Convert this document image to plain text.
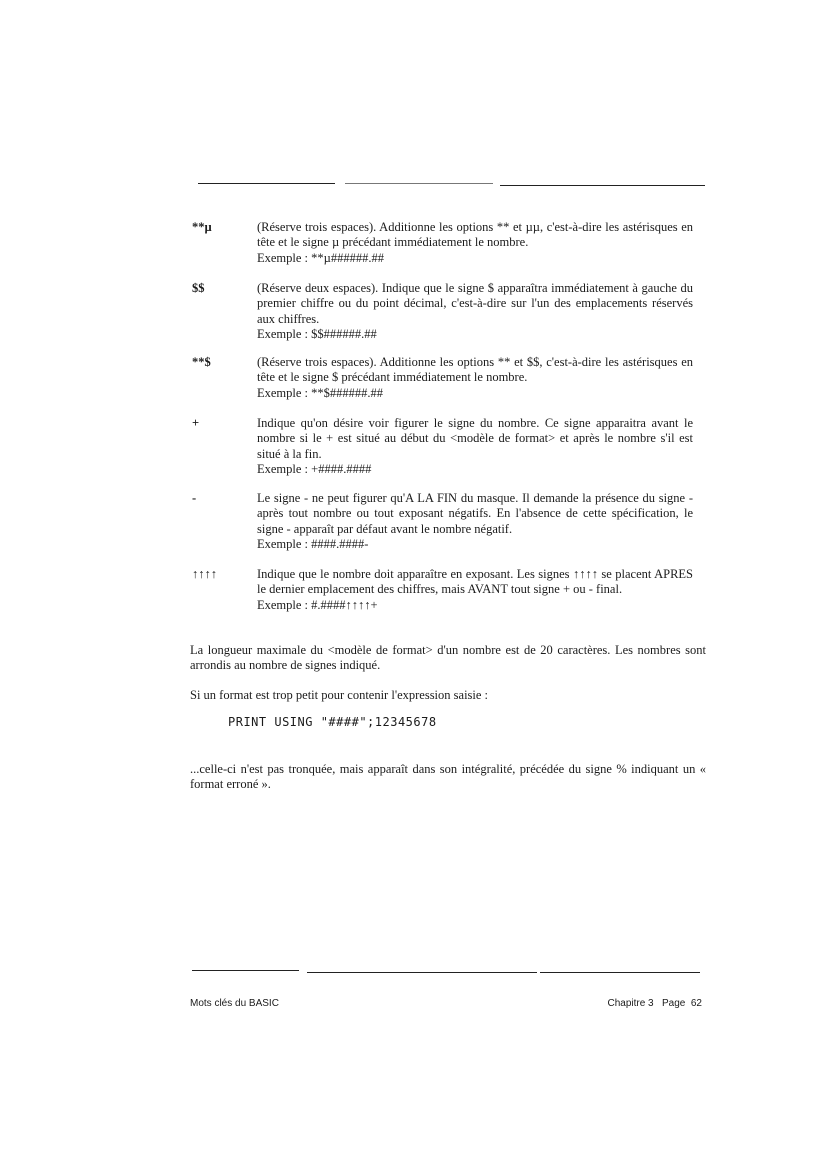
**µ	(Réserve trois espaces). Additionne les options ** et µµ, c'est-à-dire les astérisques en tête et le signe µ précédant immédiatement le nombre.

Exemple : **µ######.##

$$	(Réserve deux espaces). Indique que le signe $ apparaîtra immédiatement à gauche du premier chiffre ou du point décimal, c'est-à-dire sur l'un des emplacements réservés aux chiffres.

Exemple : $$######.##

**$	(Réserve trois espaces). Additionne les options ** et $$, c'est-à-dire les astérisques en tête et le signe $ précédant immédiatement le nombre.

Exemple : **$######.##

+	Indique qu'on désire voir figurer le signe du nombre. Ce signe apparaitra avant le nombre si le + est situé au début du <modèle de format> et après le nombre s'il est situé à la fin.

Exemple : +####.####

-	Le signe - ne peut figurer qu'A LA FIN du masque. Il demande la présence du signe - après tout nombre ou tout exposant négatifs. En l'absence de cette spécification, le signe - apparaît par défaut avant le nombre négatif.

Exemple : ####.####-

↑↑↑↑	Indique que le nombre doit apparaître en exposant. Les signes ↑↑↑↑ se placent APRES le dernier emplacement des chiffres, mais AVANT tout signe + ou - final.

Exemple : #.####↑↑↑↑+

La longueur maximale du <modèle de format> d'un nombre est de 20 caractères. Les nombres sont arrondis au nombre de signes indiqué.

Si un format est trop petit pour contenir l'expression saisie :

PRINT USING "####";12345678

...celle-ci n'est pas tronquée, mais apparaît dans son intégralité, précédée du signe % indiquant un « format erroné ».

Mots clés du BASIC	Chapitre 3   Page  62
